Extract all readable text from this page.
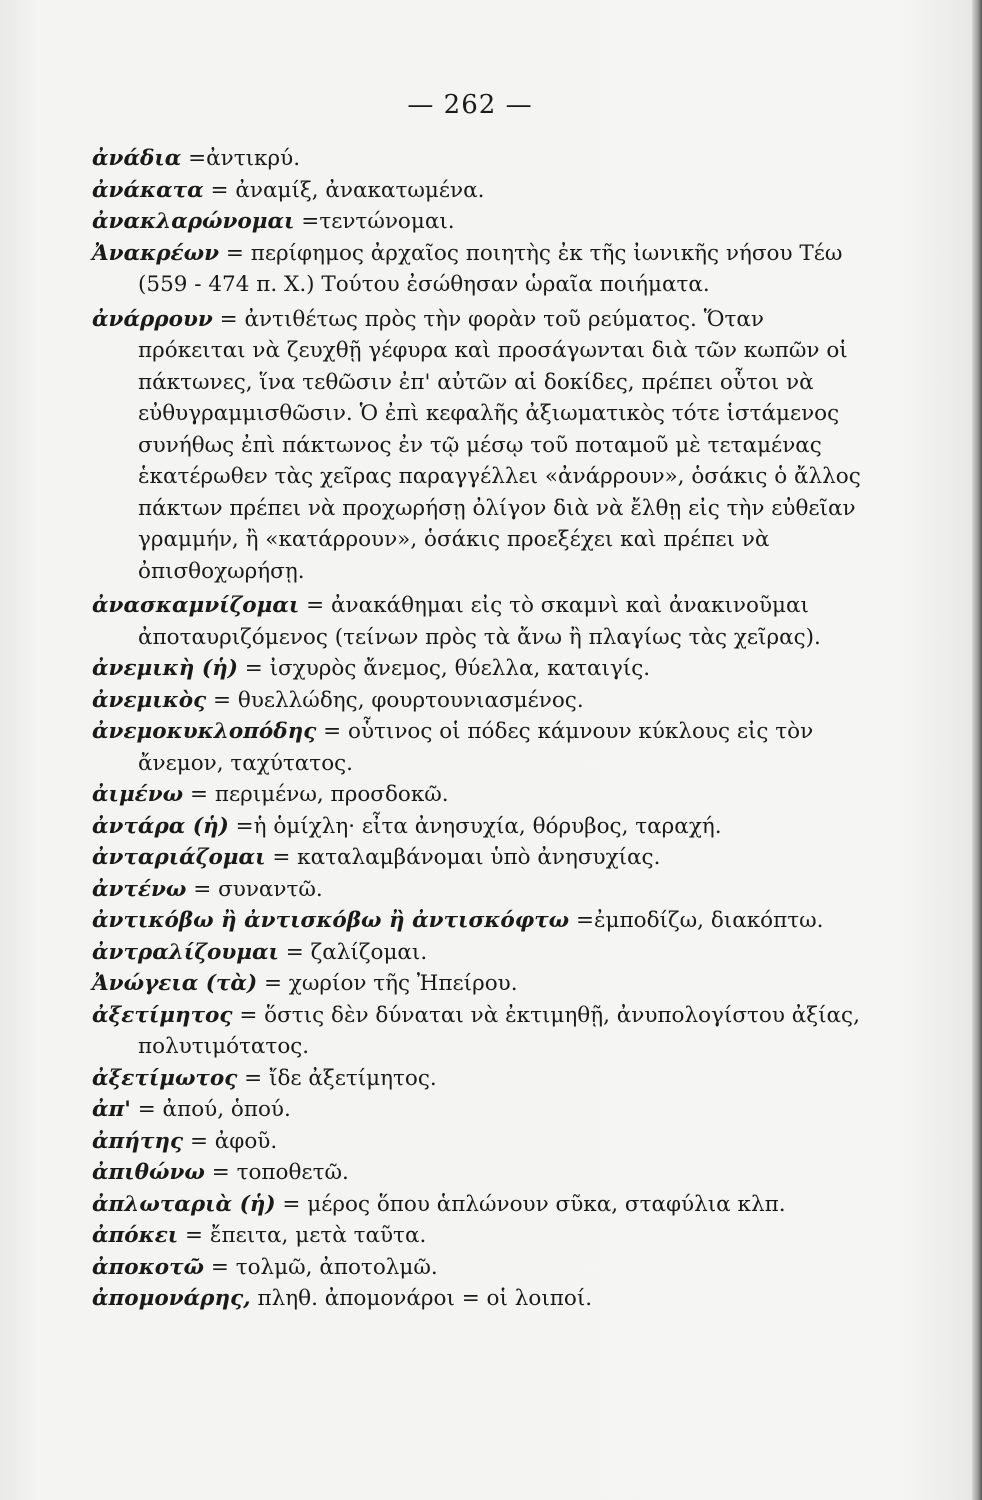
— 262 —
ἀνάδια =ἀντικρύ.
ἀνάκατα = ἀναμίξ, ἀνακατωμένα.
ἀνακλαρώνομαι =τεντώνομαι.
Ἀνακρέων = περίφημος ἀρχαῖος ποιητὴς ἐκ τῆς ἰωνικῆς νήσου Τέω (559 - 474 π. Χ.) Τούτου ἐσώθησαν ὡραῖα ποιήματα.
ἀνάρρουν = ἀντιθέτως πρὸς τὴν φορὰν τοῦ ρεύματος. Ὅταν πρόκειται νὰ ζευχθῇ γέφυρα καὶ προσάγωνται διὰ τῶν κωπῶν οἱ πάκτωνες, ἵνα τεθῶσιν ἐπ' αὐτῶν αἱ δοκίδες, πρέπει οὗτοι νὰ εὐθυγραμμισθῶσιν. Ὁ ἐπὶ κεφαλῆς ἀξιωματικὸς τότε ἱστάμενος συνήθως ἐπὶ πάκτωνος ἐν τῷ μέσῳ τοῦ ποταμοῦ μὲ τεταμένας ἑκατέρωθεν τὰς χεῖρας παραγγέλλει «ἀνάρρουν», ὁσάκις ὁ ἄλλος πάκτων πρέπει νὰ προχωρήσῃ ὀλίγον διὰ νὰ ἔλθῃ εἰς τὴν εὐθεῖαν γραμμήν, ἢ «κατάρρουν», ὁσάκις προεξέχει καὶ πρέπει νὰ ὀπισθοχωρήσῃ.
ἀνασκαμνίζομαι = ἀνακάθημαι εἰς τὸ σκαμνὶ καὶ ἀνακινοῦμαι ἀποταυριζόμενος (τείνων πρὸς τὰ ἄνω ἢ πλαγίως τὰς χεῖρας).
ἀνεμικὴ (ἡ) = ἰσχυρὸς ἄνεμος, θύελλα, καταιγίς.
ἀνεμικὸς = θυελλώδης, φουρτουνιασμένος.
ἀνεμοκυκλοπόδης = οὗτινος οἱ πόδες κάμνουν κύκλους εἰς τὸν ἄνεμον, ταχύτατος.
ἀιμένω = περιμένω, προσδοκῶ.
ἀντάρα (ἡ) =ἡ ὁμίχλη· εἶτα ἀνησυχία, θόρυβος, ταραχή.
ἀνταριάζομαι = καταλαμβάνομαι ὑπὸ ἀνησυχίας.
ἀντένω = συναντῶ.
ἀντικόβω ἢ ἀντισκόβω ἢ ἀντισκόφτω =ἐμποδίζω, διακόπτω.
ἀντραλίζουμαι = ζαλίζομαι.
Ἀνώγεια (τὰ) = χωρίον τῆς Ἠπείρου.
ἀξετίμητος = ὅστις δὲν δύναται νὰ ἐκτιμηθῇ, ἀνυπολογίστου ἀξίας, πολυτιμότατος.
ἀξετίμωτος = ἴδε ἀξετίμητος.
ἀπ' = ἀπού, ὁπού.
ἀπήτης = ἀφοῦ.
ἀπιθώνω = τοποθετῶ.
ἀπλωταριὰ (ἡ) = μέρος ὅπου ἁπλώνουν σῦκα, σταφύλια κλπ.
ἀπόκει = ἔπειτα, μετὰ ταῦτα.
ἀποκοτῶ = τολμῶ, ἀποτολμῶ.
ἀπομονάρης, πληθ. ἀπομονάροι = οἱ λοιποί.
